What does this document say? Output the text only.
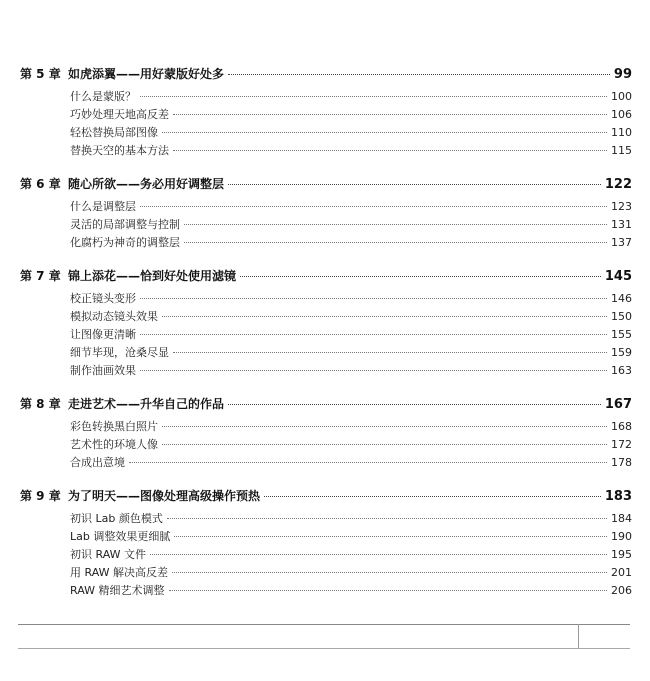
第 5 章 如虎添翼——用好蒙版好处多	99
什么是蒙版？	100
巧妙处理天地高反差	106
轻松替换局部图像	110
替换天空的基本方法	115
第 6 章 随心所欲——务必用好调整层	122
什么是调整层	123
灵活的局部调整与控制	131
化腐朽为神奇的调整层	137
第 7 章 锦上添花——恰到好处使用滤镜	145
校正镜头变形	146
模拟动态镜头效果	150
让图像更清晰	155
细节毕现，沧桑尽显	159
制作油画效果	163
第 8 章 走进艺术——升华自己的作品	167
彩色转换黑白照片	168
艺术性的环境人像	172
合成出意境	178
第 9 章 为了明天——图像处理高级操作预热	183
初识 Lab 颜色模式	184
Lab 调整效果更细腻	190
初识 RAW 文件	195
用 RAW 解决高反差	201
RAW 精细艺术调整	206
